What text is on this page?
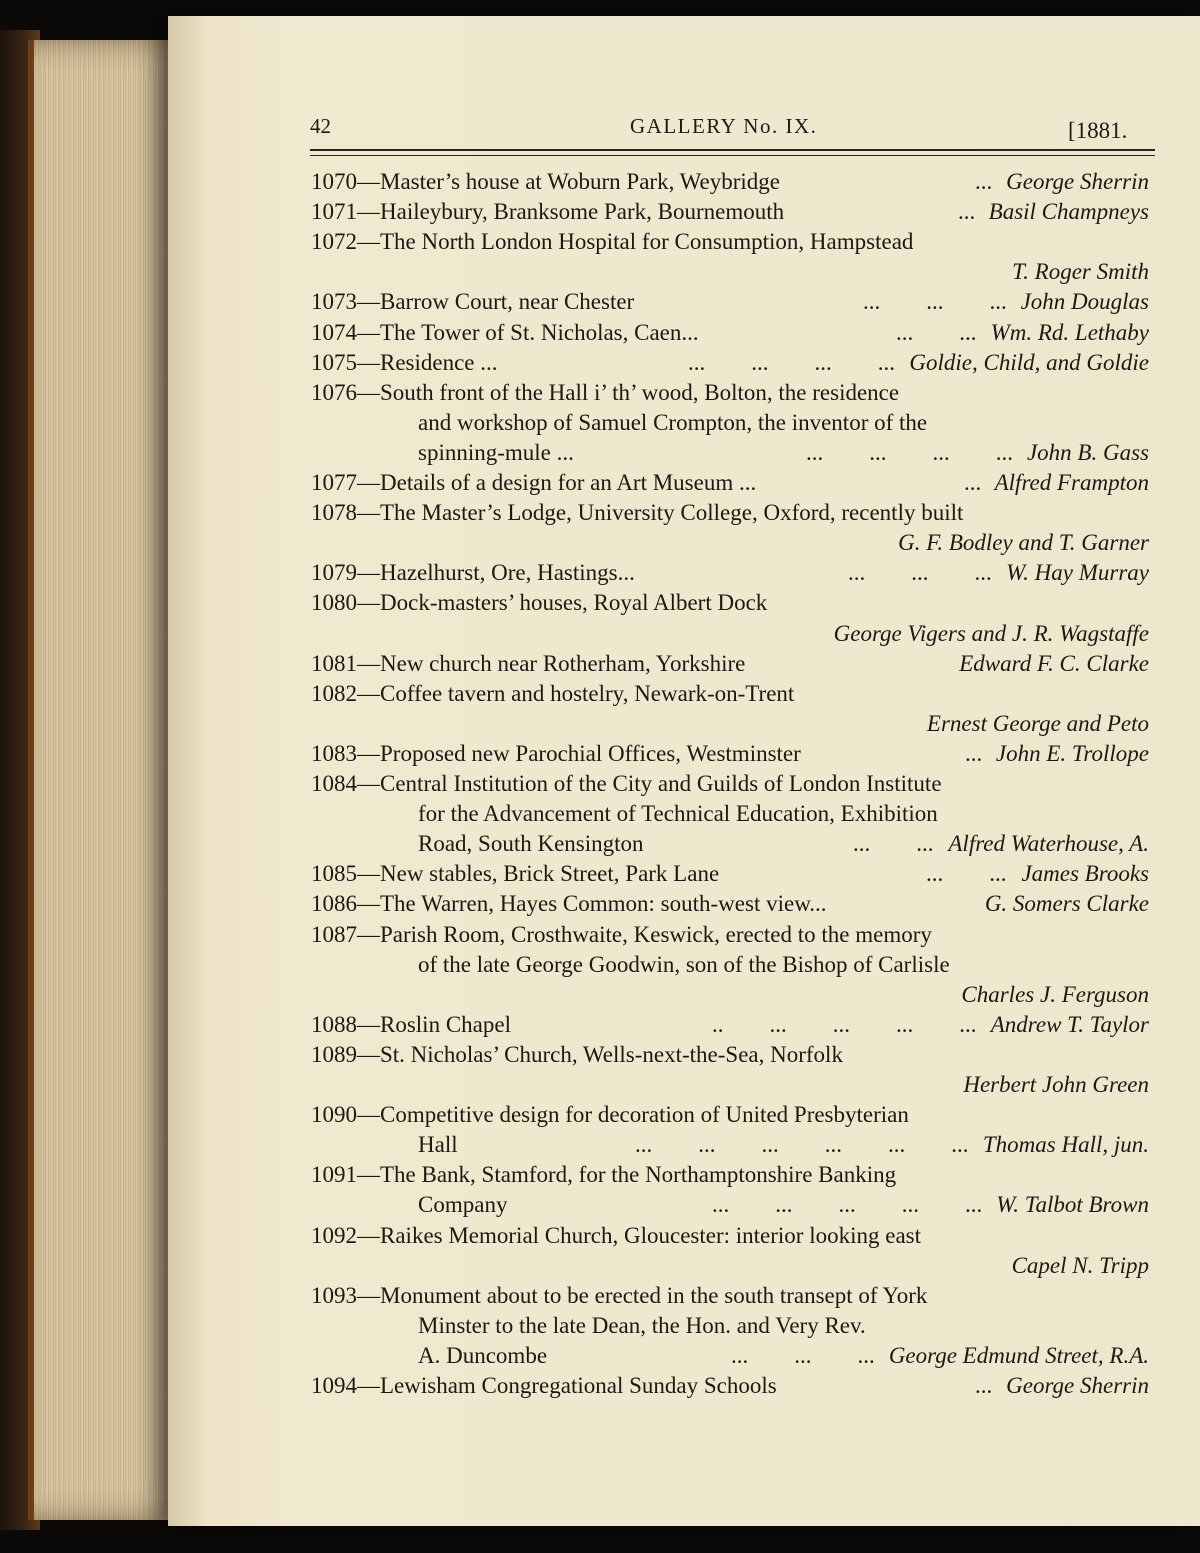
42	GALLERY No. IX.	[1881.
1070—Master’s house at Woburn Park, Weybridge	George Sherrin
...
1071—Haileybury, Branksome Park, Bournemouth	Basil Champneys
...
1072—The North London Hospital for Consumption, Hampstead
T. Roger Smith
1073—Barrow Court, near Chester	John Douglas
...        ...        ...
1074—The Tower of St. Nicholas, Caen...	Wm. Rd. Lethaby
...        ...
1075—Residence ...	Goldie, Child, and Goldie
...        ...        ...        ...
1076—South front of the Hall i’ th’ wood, Bolton, the residence
and workshop of Samuel Crompton, the inventor of the
spinning-mule ...	John B. Gass
...        ...        ...        ...
1077—Details of a design for an Art Museum ...	Alfred Frampton
...
1078—The Master’s Lodge, University College, Oxford, recently built
G. F. Bodley and T. Garner
1079—Hazelhurst, Ore, Hastings...	W. Hay Murray
...        ...        ...
1080—Dock-masters’ houses, Royal Albert Dock
George Vigers and J. R. Wagstaffe
1081—New church near Rotherham, Yorkshire	Edward F. C. Clarke
1082—Coffee tavern and hostelry, Newark-on-Trent
Ernest George and Peto
1083—Proposed new Parochial Offices, Westminster	John E. Trollope
...
1084—Central Institution of the City and Guilds of London Institute
for the Advancement of Technical Education, Exhibition
Road, South Kensington	Alfred Waterhouse, A.
...        ...
1085—New stables, Brick Street, Park Lane	James Brooks
...        ...
1086—The Warren, Hayes Common: south-west view...	G. Somers Clarke
1087—Parish Room, Crosthwaite, Keswick, erected to the memory
of the late George Goodwin, son of the Bishop of Carlisle
Charles J. Ferguson
1088—Roslin Chapel	Andrew T. Taylor
..        ...        ...        ...        ...
1089—St. Nicholas’ Church, Wells-next-the-Sea, Norfolk
Herbert John Green
1090—Competitive design for decoration of United Presbyterian
Hall	Thomas Hall, jun.
...        ...        ...        ...        ...        ...
1091—The Bank, Stamford, for the Northamptonshire Banking
Company	W. Talbot Brown
...        ...        ...        ...        ...
1092—Raikes Memorial Church, Gloucester: interior looking east
Capel N. Tripp
1093—Monument about to be erected in the south transept of York
Minster to the late Dean, the Hon. and Very Rev.
A. Duncombe	George Edmund Street, R.A.
...        ...        ...
1094—Lewisham Congregational Sunday Schools	George Sherrin
...
